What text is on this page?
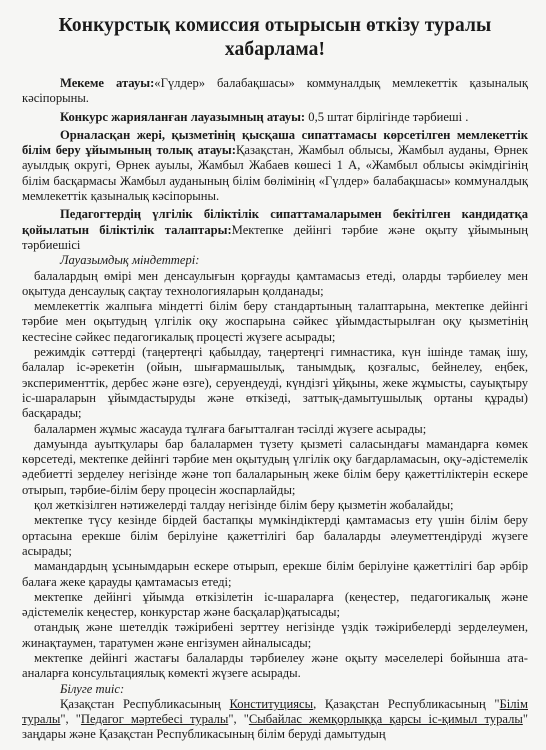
Конкурстық комиссия отырысын өткізу туралы хабарлама!

Мекеме атауы:«Гүлдер» балабақшасы» коммуналдық мемлекеттік қазыналық кәсіпорыны.

Конкурс жарияланған лауазымның атауы: 0,5 штат бірлігінде тәрбиеші .

Орналасқан жері, қызметінің қысқаша сипаттамасы көрсетілген мемлекеттік білім беру ұйымының толық атауы:Қазақстан, Жамбыл облысы, Жамбыл ауданы, Өрнек ауылдық округі, Өрнек ауылы, Жамбыл Жабаев көшесі 1 А, «Жамбыл облысы әкімдігінің білім басқармасы Жамбыл ауданының білім бөлімінің «Гүлдер» балабақшасы» коммуналдық мемлекеттік қазыналық кәсіпорыны.

Педагогтердің үлгілік біліктілік сипаттамаларымен бекітілген кандидатқа қойылатын біліктілік талаптары:Мектепке дейінгі тәрбие және оқыту ұйымының тәрбиешісі

Лауазымдық міндеттері:

балалардың өмірі мен денсаулығын қорғауды қамтамасыз етеді, оларды тәрбиелеу мен оқытуда денсаулық сақтау технологияларын қолданады;

мемлекеттік жалпыға міндетті білім беру стандартының талаптарына, мектепке дейінгі тәрбие мен оқытудың үлгілік оқу жоспарына сәйкес ұйымдастырылған оқу қызметінің кестесіне сәйкес педагогикалық процесті жүзеге асырады;

режимдік сәттерді (таңертеңгі қабылдау, таңертеңгі гимнастика, күн ішінде тамақ ішу, балалар іс-әрекетін (ойын, шығармашылық, танымдық, қозғалыс, бейнелеу, еңбек, эксперименттік, дербес және өзге), серуендеуді, күндізгі ұйқыны, жеке жұмысты, сауықтыру іс-шараларын ұйымдастыруды және өткізеді, заттық-дамытушылық ортаны құрады) басқарады;

балалармен жұмыс жасауда тұлғаға бағытталған тәсілді жүзеге асырады;

дамуында ауытқулары бар балалармен түзету қызметі саласындағы мамандарға көмек көрсетеді, мектепке дейінгі тәрбие мен оқытудың үлгілік оқу бағдарламасын, оқу-әдістемелік әдебиетті зерделеу негізінде және топ балаларының жеке білім беру қажеттіліктерін ескере отырып, тәрбие-білім беру процесін жоспарлайды;

қол жеткізілген нәтижелерді талдау негізінде білім беру қызметін жобалайды;

мектепке түсу кезінде бірдей бастапқы мүмкіндіктерді қамтамасыз ету үшін білім беру ортасына ерекше білім берілуіне қажеттілігі бар балаларды әлеуметтендіруді жүзеге асырады;

мамандардың ұсынымдарын ескере отырып, ерекше білім берілуіне қажеттілігі бар әрбір балаға жеке қарауды қамтамасыз етеді;

мектепке дейінгі ұйымда өткізілетін іс-шараларға (кеңестер, педагогикалық және әдістемелік кеңестер, конкурстар және басқалар)қатысады;

отандық және шетелдік тәжірибені зерттеу негізінде үздік тәжірибелерді зерделеумен, жинақтаумен, таратумен және енгізумен айналысады;

мектепке дейінгі жастағы балаларды тәрбиелеу және оқыту мәселелері бойынша ата-аналарға консультациялық көмекті жүзеге асырады.

Білуге тиіс:

Қазақстан Республикасының Конституциясы, Қазақстан Республикасының "Білім туралы", "Педагог мәртебесі туралы", "Сыбайлас жемқорлыққа қарсы іс-қимыл туралы" заңдары және Қазақстан Республикасының білім беруді дамытудың
